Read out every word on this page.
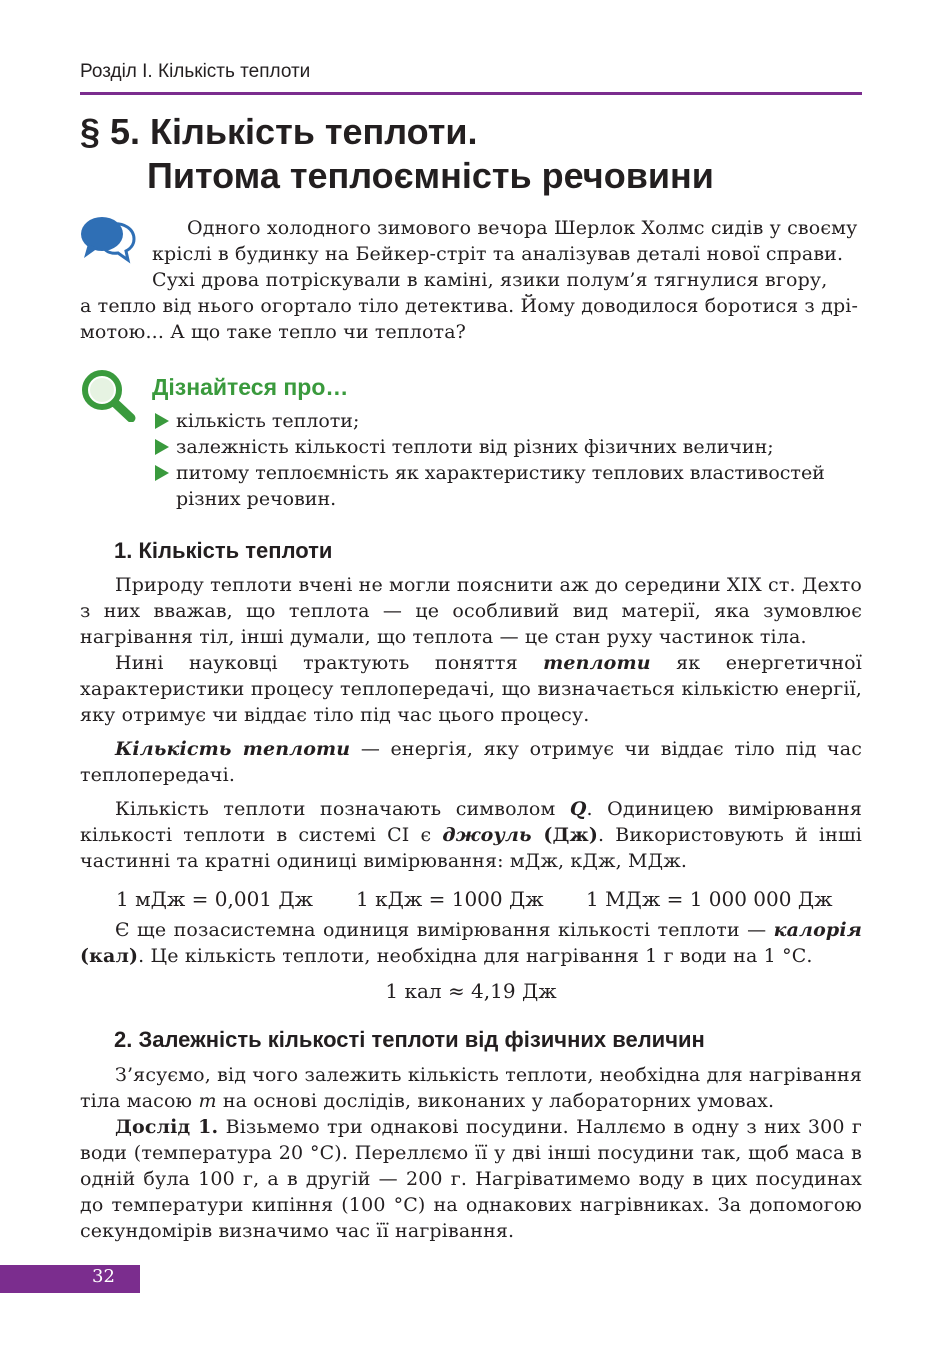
Розділ І. Кількість теплоти
§ 5. Кількість теплоти.
Питома теплоємність речовини

Одного холодного зимового вечора Шерлок Холмс сидів у своєму

кріслі в будинку на Бейкер-стріт та аналізував деталі нової справи.

Сухі дрова потріскували в каміні, язики полум’я тягнулися вгору,

а тепло від нього огортало тіло детектива. Йому доводилося боротися з дрі-

мотою... А що таке тепло чи теплота?

Дізнайтеся про…
кількість теплоти;
залежність кількості теплоти від різних фізичних величин;
питому теплоємність як характеристику теплових властивостей різних речовин.
1. Кількість теплоти

Природу теплоти вчені не могли пояснити аж до середини XIX ст. Дехто з них вважав, що теплота — це особливий вид матерії, яка зумовлює нагрівання тіл, інші думали, що теплота — це стан руху частинок тіла.

Нині науковці трактують поняття теплоти як енергетичної характеристики процесу теплопередачі, що визначається кількістю енергії, яку отримує чи віддає тіло під час цього процесу.

Кількість теплоти — енергія, яку отримує чи віддає тіло під час теплопередачі.

Кількість теплоти позначають символом Q. Одиницею вимірювання кількості теплоти в системі СІ є джоуль (Дж). Використовують й інші частинні та кратні одиниці вимірювання: мДж, кДж, МДж.

1 мДж = 0,001 Дж 1 кДж = 1000 Дж 1 МДж = 1 000 000 Дж

Є ще позасистемна одиниця вимірювання кількості теплоти — калорія (кал). Це кількість теплоти, необхідна для нагрівання 1 г води на 1 °С.

1 кал ≈ 4,19 Дж
2. Залежність кількості теплоти від фізичних величин

З’ясуємо, від чого залежить кількість теплоти, необхідна для нагрівання тіла масою m на основі дослідів, виконаних у лабораторних умовах.

Дослід 1. Візьмемо три однакові посудини. Наллємо в одну з них 300 г води (температура 20 °С). Переллємо її у дві інші посудини так, щоб маса в одній була 100 г, а в другій — 200 г. Нагріватимемо воду в цих посудинах до температури кипіння (100 °С) на однакових нагрівниках. За допомогою секундомірів визначимо час її нагрівання.

32
